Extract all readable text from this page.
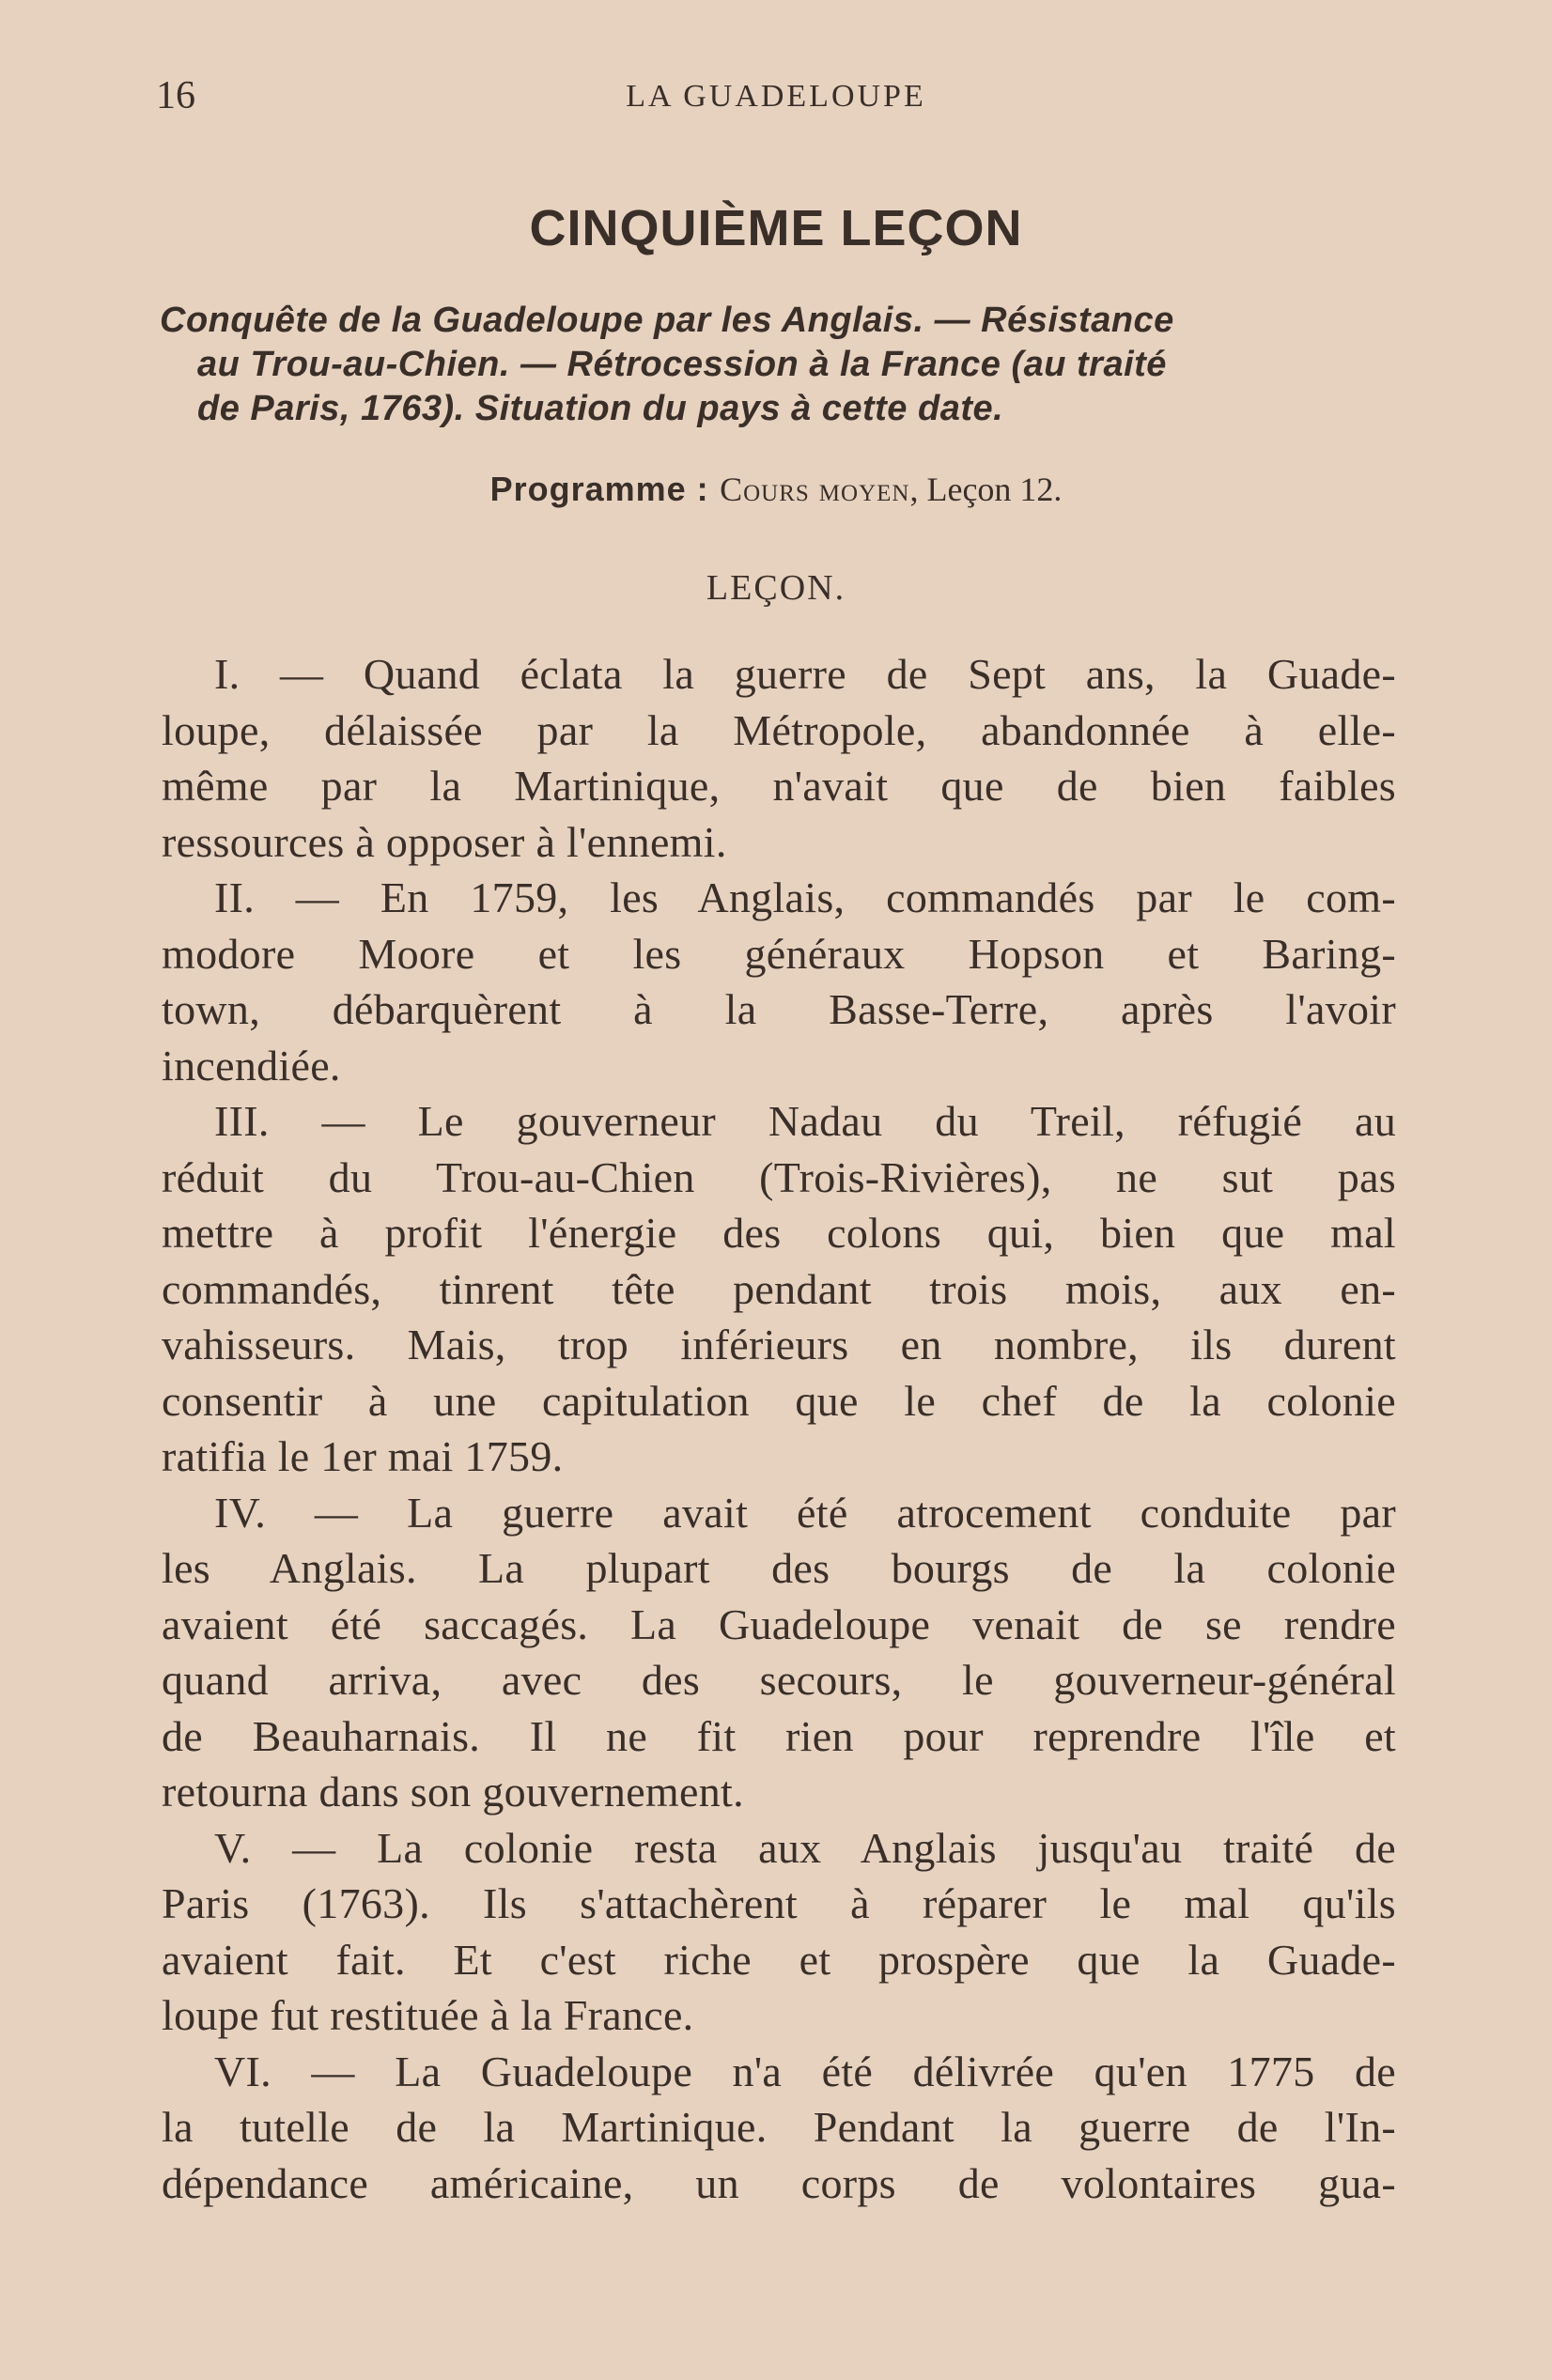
16	LA GUADELOUPE
CINQUIÈME LEÇON
Conquête de la Guadeloupe par les Anglais. — Résistance
au Trou-au-Chien. — Rétrocession à la France (au traité
de Paris, 1763). Situation du pays à cette date.
Programme : Cours moyen, Leçon 12.
LEÇON.
I. — Quand éclata la guerre de Sept ans, la Guade-
loupe, délaissée par la Métropole, abandonnée à elle-
même par la Martinique, n'avait que de bien faibles
ressources à opposer à l'ennemi.
II. — En 1759, les Anglais, commandés par le com-
modore Moore et les généraux Hopson et Baring-
town, débarquèrent à la Basse-Terre, après l'avoir
incendiée.
III. — Le gouverneur Nadau du Treil, réfugié au
réduit du Trou-au-Chien (Trois-Rivières), ne sut pas
mettre à profit l'énergie des colons qui, bien que mal
commandés, tinrent tête pendant trois mois, aux en-
vahisseurs. Mais, trop inférieurs en nombre, ils durent
consentir à une capitulation que le chef de la colonie
ratifia le 1er mai 1759.
IV. — La guerre avait été atrocement conduite par
les Anglais. La plupart des bourgs de la colonie
avaient été saccagés. La Guadeloupe venait de se rendre
quand arriva, avec des secours, le gouverneur-général
de Beauharnais. Il ne fit rien pour reprendre l'île et
retourna dans son gouvernement.
V. — La colonie resta aux Anglais jusqu'au traité de
Paris (1763). Ils s'attachèrent à réparer le mal qu'ils
avaient fait. Et c'est riche et prospère que la Guade-
loupe fut restituée à la France.
VI. — La Guadeloupe n'a été délivrée qu'en 1775 de
la tutelle de la Martinique. Pendant la guerre de l'In-
dépendance américaine, un corps de volontaires gua-
